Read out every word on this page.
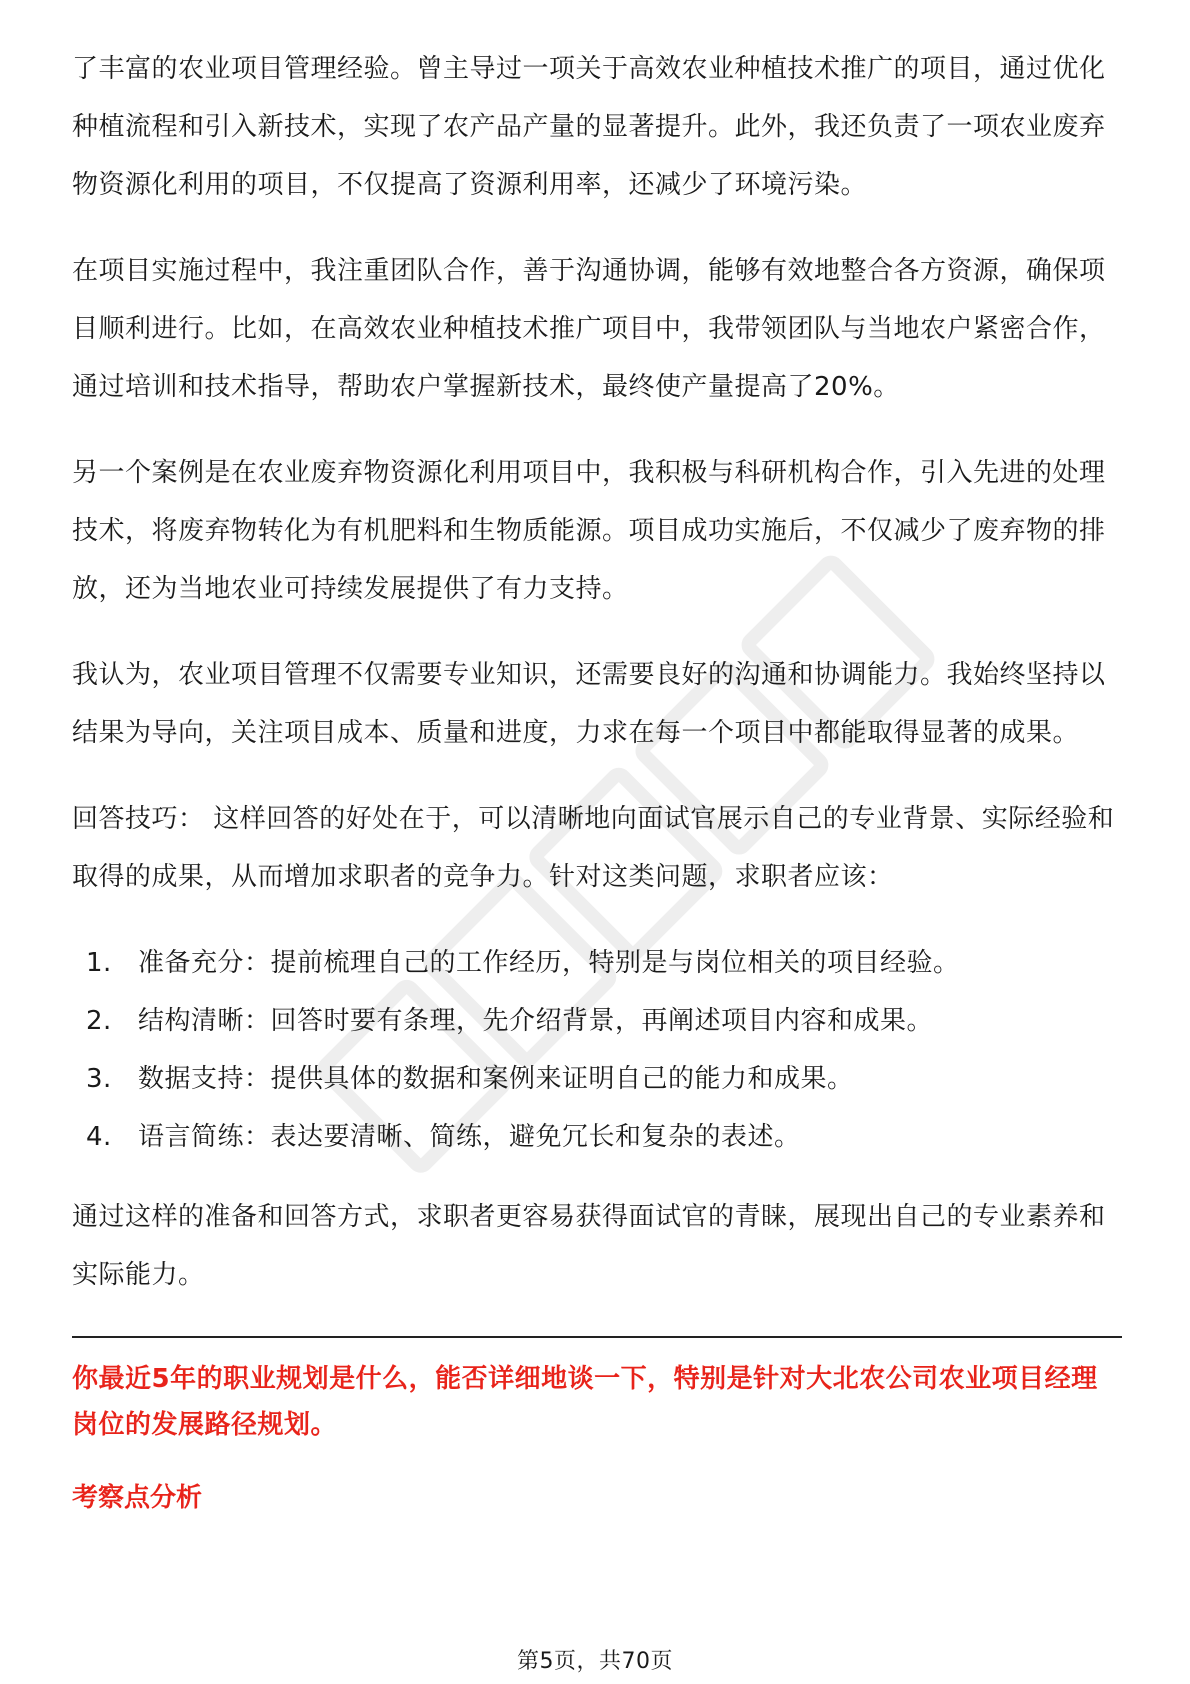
了丰富的农业项目管理经验。曾主导过一项关于高效农业种植技术推广的项目，通过优化种植流程和引入新技术，实现了农产品产量的显著提升。此外，我还负责了一项农业废弃物资源化利用的项目，不仅提高了资源利用率，还减少了环境污染。

在项目实施过程中，我注重团队合作，善于沟通协调，能够有效地整合各方资源，确保项目顺利进行。比如，在高效农业种植技术推广项目中，我带领团队与当地农户紧密合作，通过培训和技术指导，帮助农户掌握新技术，最终使产量提高了20%。

另一个案例是在农业废弃物资源化利用项目中，我积极与科研机构合作，引入先进的处理技术，将废弃物转化为有机肥料和生物质能源。项目成功实施后，不仅减少了废弃物的排放，还为当地农业可持续发展提供了有力支持。

我认为，农业项目管理不仅需要专业知识，还需要良好的沟通和协调能力。我始终坚持以结果为导向，关注项目成本、质量和进度，力求在每一个项目中都能取得显著的成果。

回答技巧： 这样回答的好处在于，可以清晰地向面试官展示自己的专业背景、实际经验和取得的成果，从而增加求职者的竞争力。针对这类问题，求职者应该：

1.	准备充分：提前梳理自己的工作经历，特别是与岗位相关的项目经验。
2.	结构清晰：回答时要有条理，先介绍背景，再阐述项目内容和成果。
3.	数据支持：提供具体的数据和案例来证明自己的能力和成果。
4.	语言简练：表达要清晰、简练，避免冗长和复杂的表述。

通过这样的准备和回答方式，求职者更容易获得面试官的青睐，展现出自己的专业素养和实际能力。

你最近5年的职业规划是什么，能否详细地谈一下，特别是针对大北农公司农业项目经理岗位的发展路径规划。

考察点分析

第5页，共70页
